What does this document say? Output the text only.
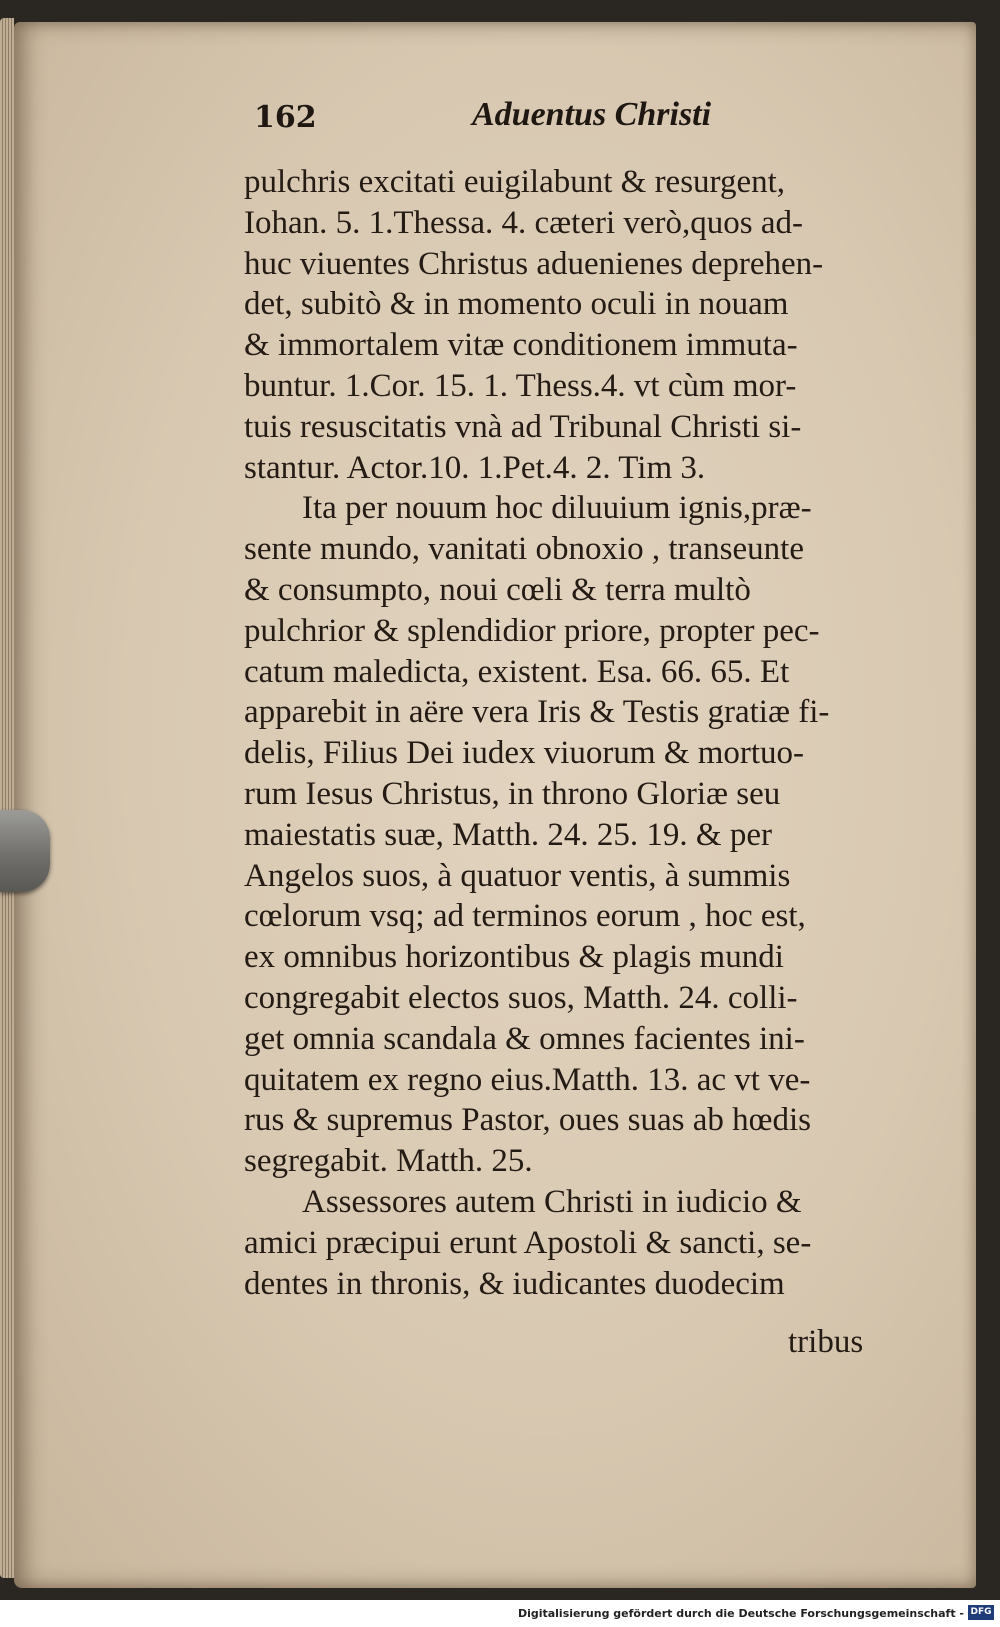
162	Aduentus Christi
pulchris excitati euigilabunt & resurgent,
Iohan. 5. 1.Thessa. 4. cæteri verò,quos ad-
huc viuentes Christus aduenienes deprehen-
det, subitò & in momento oculi in nouam
& immortalem vitæ conditionem immuta-
buntur. 1.Cor. 15. 1. Thess.4. vt cùm mor-
tuis resuscitatis vnà ad Tribunal Christi si-
stantur. Actor.10. 1.Pet.4. 2. Tim 3.
Ita per nouum hoc diluuium ignis,præ-
sente mundo, vanitati obnoxio , transeunte
& consumpto, noui cœli & terra multò
pulchrior & splendidior priore, propter pec-
catum maledicta, existent. Esa. 66. 65. Et
apparebit in aëre vera Iris & Testis gratiæ fi-
delis, Filius Dei iudex viuorum & mortuo-
rum Iesus Christus, in throno Gloriæ seu
maiestatis suæ, Matth. 24. 25. 19. & per
Angelos suos, à quatuor ventis, à summis
cœlorum vsq; ad terminos eorum , hoc est,
ex omnibus horizontibus & plagis mundi
congregabit electos suos, Matth. 24. colli-
get omnia scandala & omnes facientes ini-
quitatem ex regno eius.Matth. 13. ac vt ve-
rus & supremus Pastor, oues suas ab hœdis
segregabit. Matth. 25.
Assessores autem Christi in iudicio &
amici præcipui erunt Apostoli & sancti, se-
dentes in thronis, & iudicantes duodecim
tribus
Digitalisierung gefördert durch die Deutsche Forschungsgemeinschaft - DFG
